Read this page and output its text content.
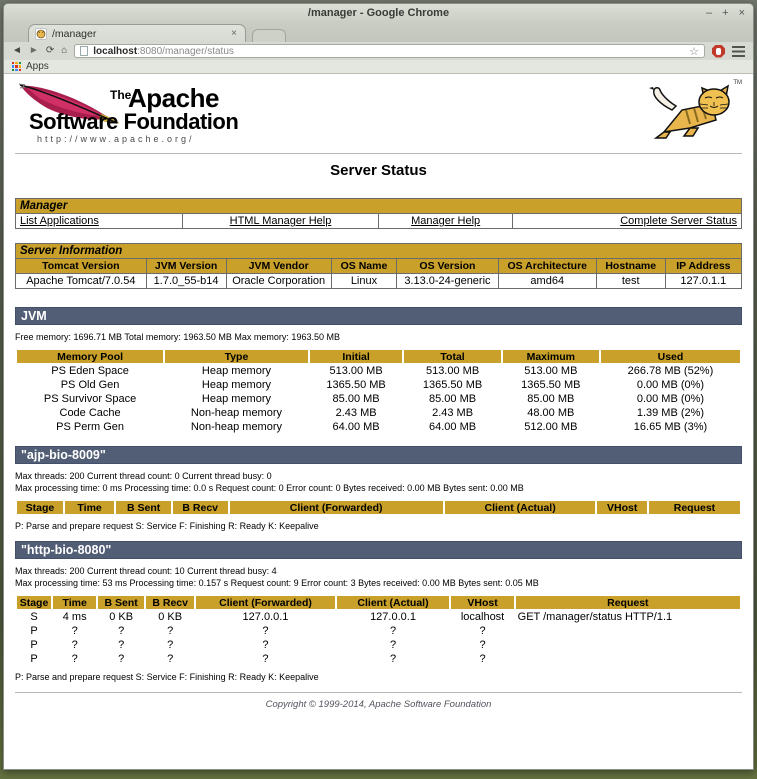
/manager - Google Chrome	– + ×
/manager	×
◄ ► ⟳ ⌂	localhost:8080/manager/status	☆
Apps
The
Apache
Software Foundation
http://www.apache.org/
TM
Server Status
Manager
List Applications	HTML Manager Help	Manager Help	Complete Server Status
Server Information							
Tomcat Version	JVM Version	JVM Vendor	OS Name	OS Version	OS Architecture	Hostname	IP Address
Apache Tomcat/7.0.54	1.7.0_55-b14	Oracle Corporation	Linux	3.13.0-24-generic	amd64	test	127.0.1.1
JVM
Free memory: 1696.71 MB Total memory: 1963.50 MB Max memory: 1963.50 MB
Memory Pool	Type	Initial	Total	Maximum	Used
PS Eden Space	Heap memory	513.00 MB	513.00 MB	513.00 MB	266.78 MB (52%)
PS Old Gen	Heap memory	1365.50 MB	1365.50 MB	1365.50 MB	0.00 MB (0%)
PS Survivor Space	Heap memory	85.00 MB	85.00 MB	85.00 MB	0.00 MB (0%)
Code Cache	Non-heap memory	2.43 MB	2.43 MB	48.00 MB	1.39 MB (2%)
PS Perm Gen	Non-heap memory	64.00 MB	64.00 MB	512.00 MB	16.65 MB (3%)
"ajp-bio-8009"
Max threads: 200 Current thread count: 0 Current thread busy: 0
Max processing time: 0 ms Processing time: 0.0 s Request count: 0 Error count: 0 Bytes received: 0.00 MB Bytes sent: 0.00 MB
Stage	Time	B Sent	B Recv	Client (Forwarded)	Client (Actual)	VHost	Request
P: Parse and prepare request S: Service F: Finishing R: Ready K: Keepalive
"http-bio-8080"
Max threads: 200 Current thread count: 10 Current thread busy: 4
Max processing time: 53 ms Processing time: 0.157 s Request count: 9 Error count: 3 Bytes received: 0.00 MB Bytes sent: 0.05 MB
Stage	Time	B Sent	B Recv	Client (Forwarded)	Client (Actual)	VHost	Request
S	4 ms	0 KB	0 KB	127.0.0.1	127.0.0.1	localhost	GET /manager/status HTTP/1.1
P	?	?	?	?	?	?	
P	?	?	?	?	?	?	
P	?	?	?	?	?	?	
P: Parse and prepare request S: Service F: Finishing R: Ready K: Keepalive
Copyright © 1999-2014, Apache Software Foundation
